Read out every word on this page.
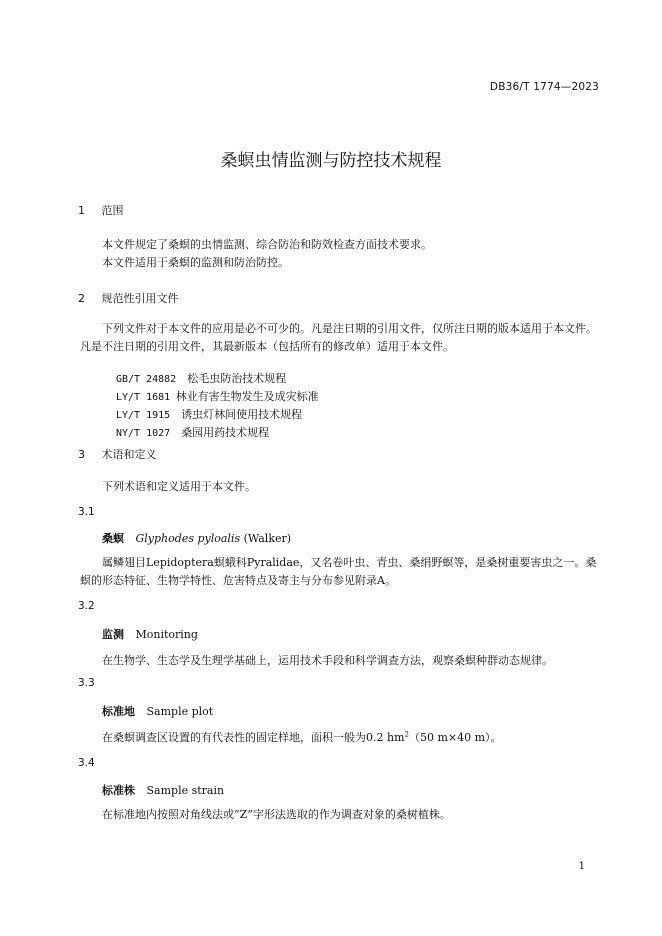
DB36/T 1774—2023
桑螟虫情监测与防控技术规程
1 范围
本文件规定了桑螟的虫情监测、综合防治和防效检查方面技术要求。
本文件适用于桑螟的监测和防治防控。
2 规范性引用文件
下列文件对于本文件的应用是必不可少的。凡是注日期的引用文件，仅所注日期的版本适用于本文件。凡是不注日期的引用文件，其最新版本（包括所有的修改单）适用于本文件。

GB/T 24882  松毛虫防治技术规程

LY/T 1681  林业有害生物发生及成灾标准

LY/T 1915  诱虫灯林间使用技术规程

NY/T 1027  桑园用药技术规程

3 术语和定义
下列术语和定义适用于本文件。
3.1
桑螟 Glyphodes pyloalis (Walker)
属鳞翅目Lepidoptera螟蛾科Pyralidae，又名卷叶虫、青虫、桑绢野螟等，是桑树重要害虫之一。桑螟的形态特征、生物学特性、危害特点及寄主与分布参见附录A。
3.2
监测 Monitoring
在生物学、生态学及生理学基础上，运用技术手段和科学调查方法，观察桑螟种群动态规律。
3.3
标准地 Sample plot
在桑螟调查区设置的有代表性的固定样地，面积一般为0.2 $hm^2(50$ m×40 m）。
3.4
标准株 Sample strain
在标准地内按照对角线法或“Z”字形法选取的作为调查对象的桑树植株。
1
